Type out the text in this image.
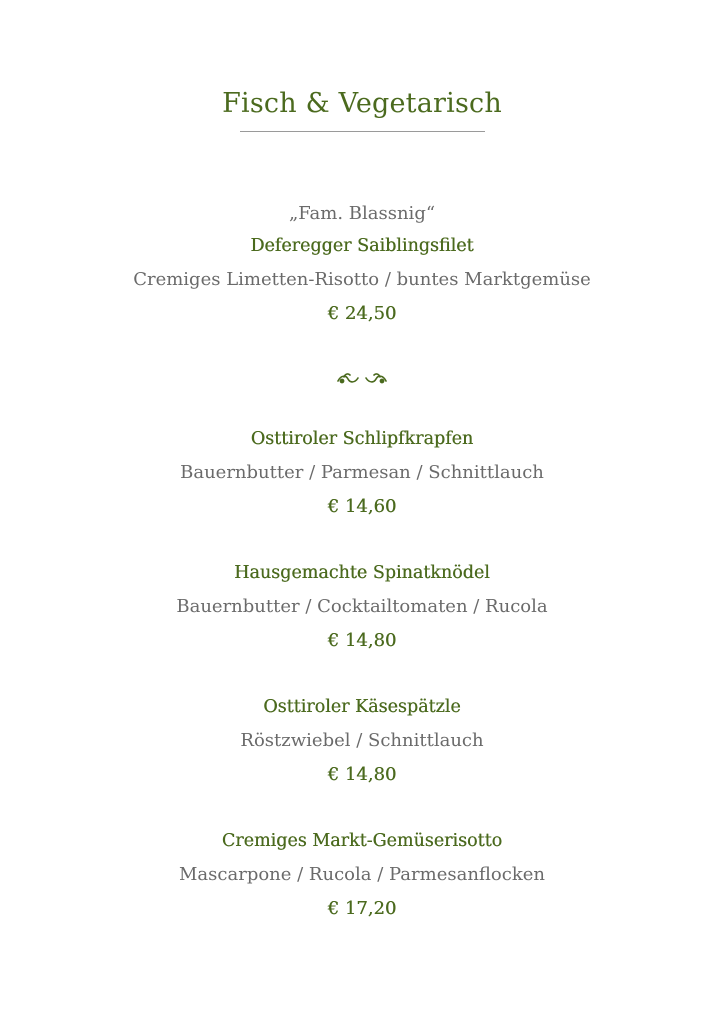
Fisch & Vegetarisch
„Fam. Blassnig“
Deferegger Saiblingsfilet
Cremiges Limetten-Risotto / buntes Marktgemüse
€ 24,50
Osttiroler Schlipfkrapfen
Bauernbutter / Parmesan / Schnittlauch
€ 14,60
Hausgemachte Spinatknödel
Bauernbutter / Cocktailtomaten / Rucola
€ 14,80
Osttiroler Käsespätzle
Röstzwiebel / Schnittlauch
€ 14,80
Cremiges Markt-Gemüserisotto
Mascarpone / Rucola / Parmesanflocken
€ 17,20
